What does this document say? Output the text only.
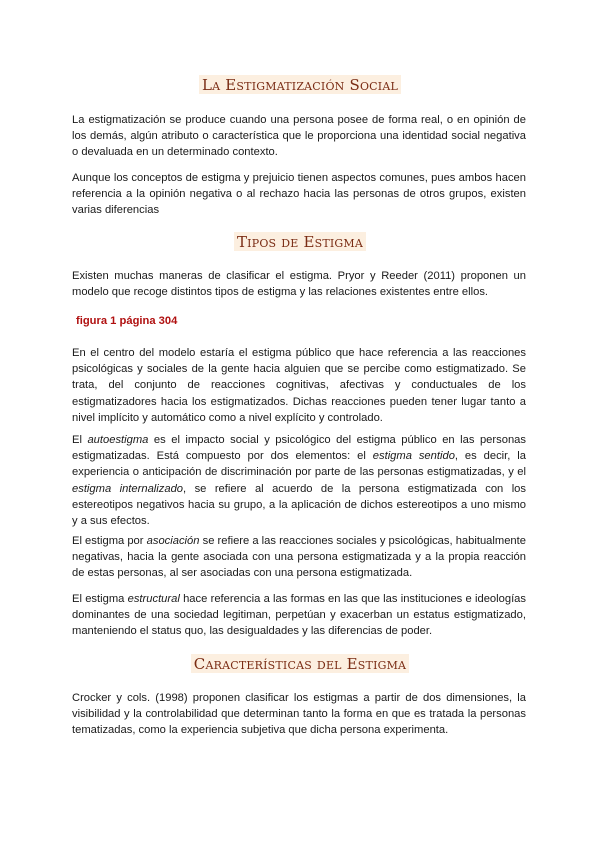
La Estigmatización Social

La estigmatización se produce cuando una persona posee de forma real, o en opinión de los demás, algún atributo o característica que le proporciona una identidad social negativa o devaluada en un determinado contexto.

Aunque los conceptos de estigma y prejuicio tienen aspectos comunes, pues ambos hacen referencia a la opinión negativa o al rechazo hacia las personas de otros grupos, existen varias diferencias

Tipos de Estigma

Existen muchas maneras de clasificar el estigma. Pryor y Reeder (2011) proponen un modelo que recoge distintos tipos de estigma y las relaciones existentes entre ellos.

figura 1 página 304

En el centro del modelo estaría el estigma público que hace referencia a las reacciones psicológicas y sociales de la gente hacia alguien que se percibe como estigmatizado. Se trata, del conjunto de reacciones cognitivas, afectivas y conductuales de los estigmatizadores hacia los estigmatizados. Dichas reacciones pueden tener lugar tanto a nivel implícito y automático como a nivel explícito y controlado.

El autoestigma es el impacto social y psicológico del estigma público en las personas estigmatizadas. Está compuesto por dos elementos: el estigma sentido, es decir, la experiencia o anticipación de discriminación por parte de las personas estigmatizadas, y el estigma internalizado, se refiere al acuerdo de la persona estigmatizada con los estereotipos negativos hacia su grupo, a la aplicación de dichos estereotipos a uno mismo y a sus efectos.

El estigma por asociación se refiere a las reacciones sociales y psicológicas, habitualmente negativas, hacia la gente asociada con una persona estigmatizada y a la propia reacción de estas personas, al ser asociadas con una persona estigmatizada.

El estigma estructural hace referencia a las formas en las que las instituciones e ideologías dominantes de una sociedad legitiman, perpetúan y exacerban un estatus estigmatizado, manteniendo el status quo, las desigualdades y las diferencias de poder.

Características del Estigma

Crocker y cols. (1998) proponen clasificar los estigmas a partir de dos dimensiones, la visibilidad y la controlabilidad que determinan tanto la forma en que es tratada la personas tematizadas, como la experiencia subjetiva que dicha persona experimenta.
